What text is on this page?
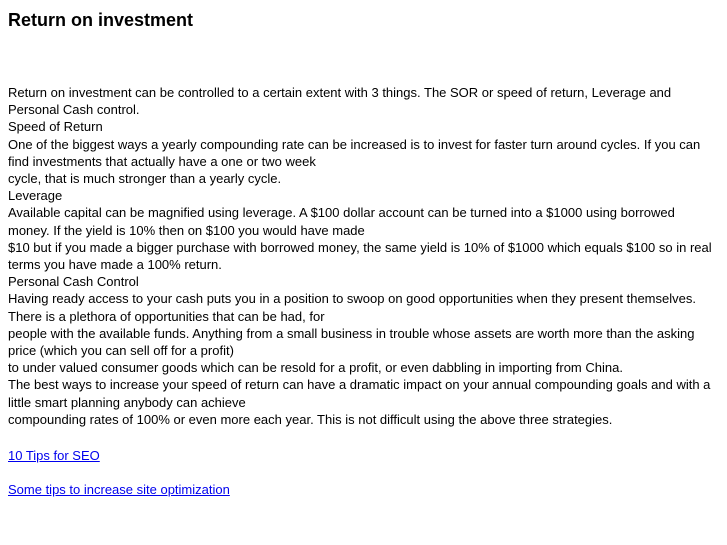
Return on investment
Return on investment can be controlled to a certain extent with 3 things. The SOR or speed of return, Leverage and
Personal Cash control.
Speed of Return
One of the biggest ways a yearly compounding rate can be increased is to invest for faster turn around cycles. If you can
find investments that actually have a one or two week
cycle, that is much stronger than a yearly cycle.
Leverage
Available capital can be magnified using leverage. A $100 dollar account can be turned into a $1000 using borrowed
money. If the yield is 10% then on $100 you would have made
$10 but if you made a bigger purchase with borrowed money, the same yield is 10% of $1000 which equals $100 so in real
terms you have made a 100% return.
Personal Cash Control
Having ready access to your cash puts you in a position to swoop on good opportunities when they present themselves.
There is a plethora of opportunities that can be had, for
people with the available funds. Anything from a small business in trouble whose assets are worth more than the asking
price (which you can sell off for a profit)
to under valued consumer goods which can be resold for a profit, or even dabbling in importing from China.
The best ways to increase your speed of return can have a dramatic impact on your annual compounding goals and with a
little smart planning anybody can achieve
compounding rates of 100% or even more each year. This is not difficult using the above three strategies.
10 Tips for SEO
Some tips to increase site optimization
